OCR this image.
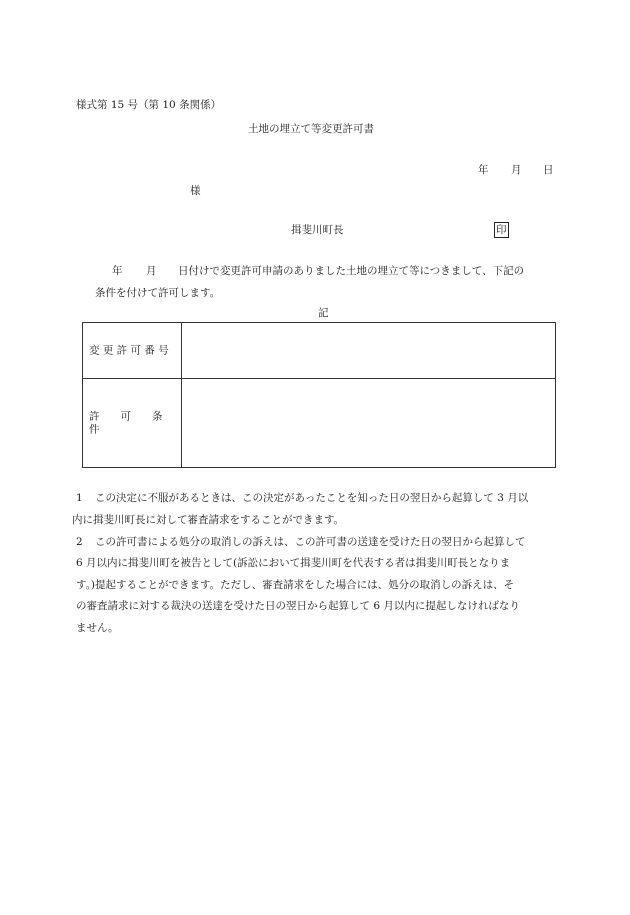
様式第 15 号（第 10 条関係）
土地の埋立て等変更許可書
年 月 日
様
揖斐川町長	印
年 月 日付けで変更許可申請のありました土地の埋立て等につきまして、下記の
条件を付けて許可します。
記
変 更 許 可 番 号
許　　可　　条　　件
1 この決定に不服があるときは、この決定があったことを知った日の翌日から起算して 3 月以
内に揖斐川町長に対して審査請求をすることができます。
2 この許可書による処分の取消しの訴えは、この許可書の送達を受けた日の翌日から起算して
6 月以内に揖斐川町を被告として(訴訟において揖斐川町を代表する者は揖斐川町長となりま
す。)提起することができます。ただし、審査請求をした場合には、処分の取消しの訴えは、そ
の審査請求に対する裁決の送達を受けた日の翌日から起算して 6 月以内に提起しなければなり
ません。
